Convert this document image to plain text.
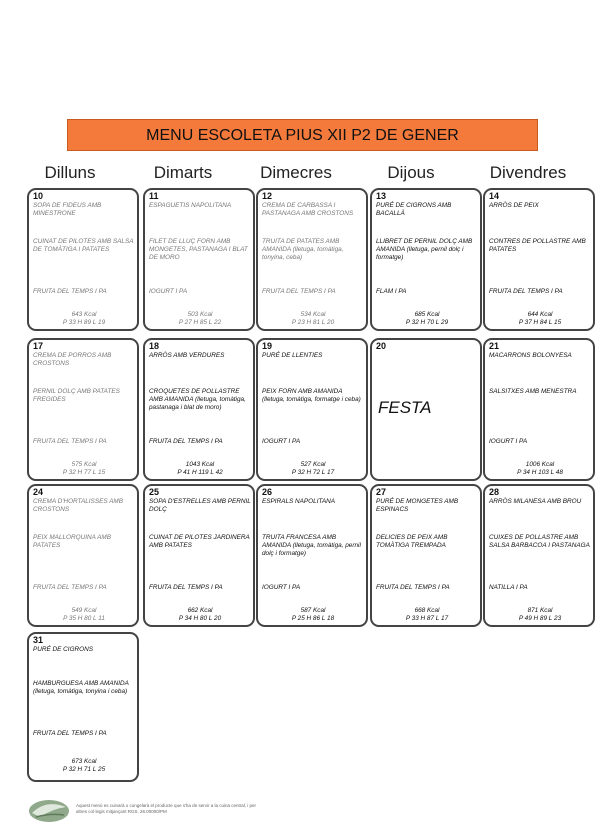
MENU ESCOLETA PIUS XII P2 DE GENER
Dilluns	Dimarts	Dimecres	Dijous	Divendres
10
SOPA DE FIDEUS AMB MINESTRONE
CUINAT DE PILOTES AMB SALSA DE TOMÀTIGA I PATATES
FRUITA DEL TEMPS I PA
643 Kcal
P 33 H 89 L 19
11
ESPAGUETIS NAPOLITANA
FILET DE LLUÇ FORN AMB MONGETES, PASTANAGA I BLAT DE MORO
IOGURT I PA
503 Kcal
P 27 H 85 L 22
12
CREMA DE CARBASSA I PASTANAGA AMB CROSTONS
TRUITA DE PATATES AMB AMANIDA (lletuga, tomàtiga, tonyina, ceba)
FRUITA DEL TEMPS I PA
534 Kcal
P 23 H 81 L 20
13
PURÉ DE CIGRONS AMB BACALLÀ
LLIBRET DE PERNIL DOLÇ AMB AMANIDA (lletuga, pernil dolç i formatge)
FLAM I PA
685 Kcal
P 32 H 70 L 29
14
ARRÒS DE PEIX
CONTRES DE POLLASTRE AMB PATATES
FRUITA DEL TEMPS I PA
644 Kcal
P 37 H 84 L 15
17
CREMA DE PORROS AMB CROSTONS
PERNIL DOLÇ AMB PATATES FREGIDES
FRUITA DEL TEMPS I PA
575 Kcal
P 32 H 77 L 15
18
ARRÒS AMB VERDURES
CROQUETES DE POLLASTRE AMB AMANIDA (lletuga, tomàtiga, pastanaga i blat de moro)
FRUITA DEL TEMPS I PA
1043 Kcal
P 41 H 119 L 42
19
PURÉ DE LLENTIES
PEIX FORN AMB AMANIDA (lletuga, tomàtiga, formatge i ceba)
IOGURT I PA
527 Kcal
P 32 H 72 L 17
20
FESTA
21
MACARRONS BOLONYESA
SALSITXES AMB MENESTRA
IOGURT I PA
1006 Kcal
P 34 H 103 L 48
24
CREMA D'HORTALISSES AMB CROSTONS
PEIX MALLORQUINA AMB PATATES
FRUITA DEL TEMPS I PA
549 Kcal
P 35 H 80 L 11
25
SOPA D'ESTRELLES AMB PERNIL DOLÇ
CUINAT DE PILOTES JARDINERA AMB PATATES
FRUITA DEL TEMPS I PA
662 Kcal
P 34 H 80 L 20
26
ESPIRALS NAPOLITANA
TRUITA FRANCESA AMB AMANIDA (lletuga, tomàtiga, pernil dolç i formatge)
IOGURT I PA
587 Kcal
P 25 H 86 L 18
27
PURÉ DE MONGETES AMB ESPINACS
DELICIES DE PEIX AMB TOMÀTIGA TREMPADA
FRUITA DEL TEMPS I PA
668 Kcal
P 33 H 87 L 17
28
ARRÒS MILANESA AMB BROU
CUIXES DE POLLASTRE AMB SALSA BARBACOA I PASTANAGA
NATILLA I PA
871 Kcal
P 49 H 89 L 23
31
PURÉ DE CIGRONS
HAMBURGUESA AMB AMANIDA (lletuga, tomàtiga, tonyina i ceba)
FRUITA DEL TEMPS I PA
673 Kcal
P 32 H 71 L 25
Aquest menú es cuinarà o congelarà el producte que s'ha de servir a la cuina central, i per altres col·legis mitjançant RGS. 26.00000/PM
